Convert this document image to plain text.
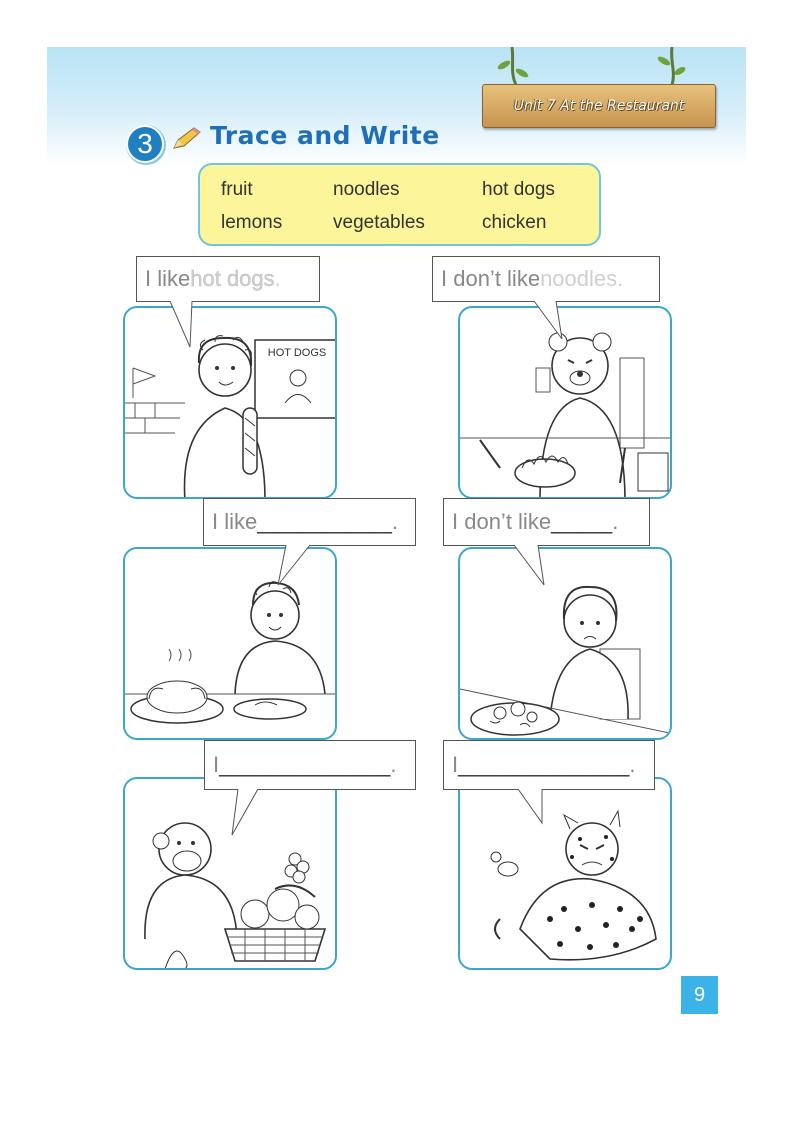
Unit 7 At the Restaurant
3	Trace and Write
fruit	noodles	hot dogs
lemons	vegetables	chicken
HOT DOGS
I like hot dogs .	I don’t like noodles .
I like ___________ . I don’t like _____ .
I ______________ .	I ______________ .
9
